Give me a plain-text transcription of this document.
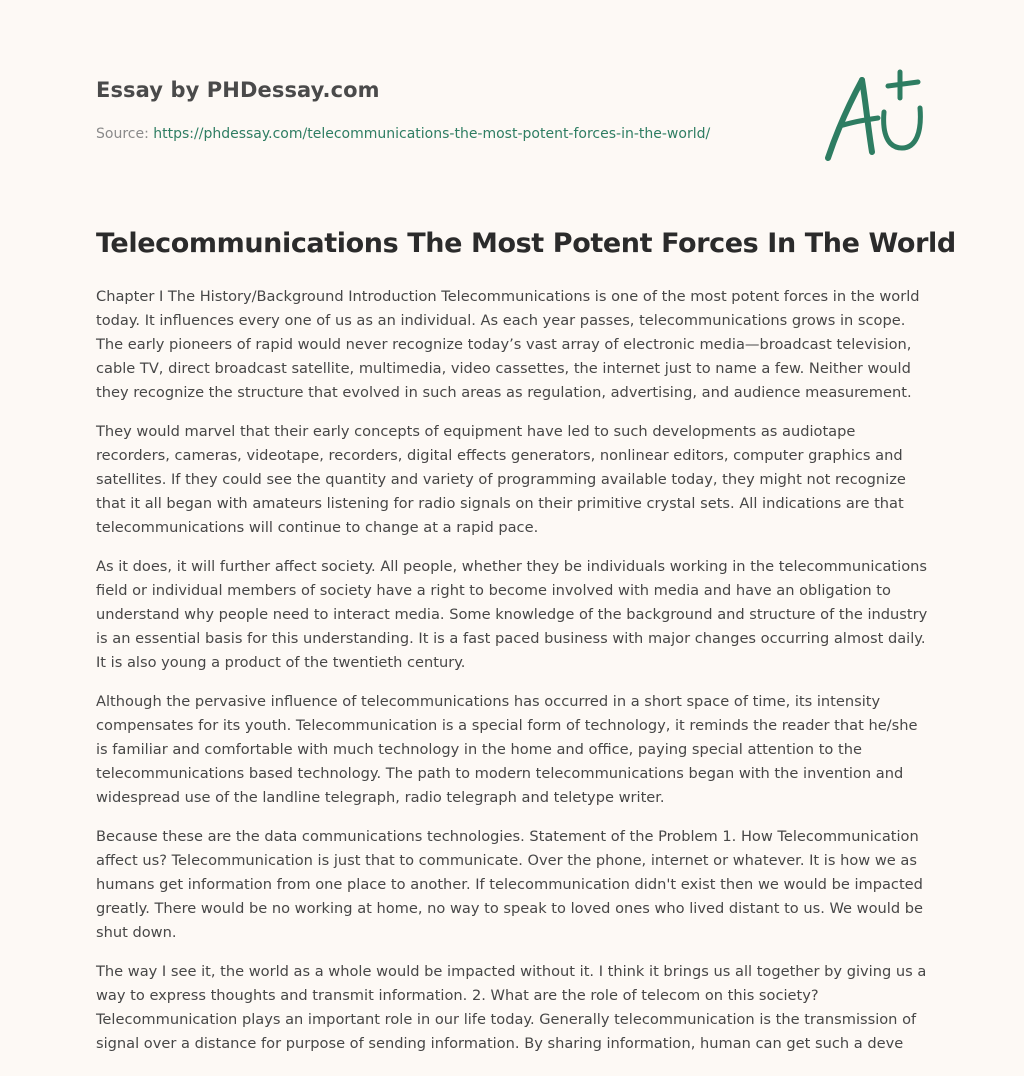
Essay by PHDessay.com
Source: https://phdessay.com/telecommunications-the-most-potent-forces-in-the-world/
Telecommunications The Most Potent Forces In The World

Chapter I The History/Background Introduction Telecommunications is one of the most potent forces in the world today. It influences every one of us as an individual. As each year passes, telecommunications grows in scope. The early pioneers of rapid would never recognize today’s vast array of electronic media—broadcast television, cable TV, direct broadcast satellite, multimedia, video cassettes, the internet just to name a few. Neither would they recognize the structure that evolved in such areas as regulation, advertising, and audience measurement.

They would marvel that their early concepts of equipment have led to such developments as audiotape recorders, cameras, videotape, recorders, digital effects generators, nonlinear editors, computer graphics and satellites. If they could see the quantity and variety of programming available today, they might not recognize that it all began with amateurs listening for radio signals on their primitive crystal sets. All indications are that telecommunications will continue to change at a rapid pace.

As it does, it will further affect society. All people, whether they be individuals working in the telecommunications field or individual members of society have a right to become involved with media and have an obligation to understand why people need to interact media. Some knowledge of the background and structure of the industry is an essential basis for this understanding. It is a fast paced business with major changes occurring almost daily. It is also young a product of the twentieth century.

Although the pervasive influence of telecommunications has occurred in a short space of time, its intensity compensates for its youth. Telecommunication is a special form of technology, it reminds the reader that he/she is familiar and comfortable with much technology in the home and office, paying special attention to the telecommunications based technology. The path to modern telecommunications began with the invention and widespread use of the landline telegraph, radio telegraph and teletype writer.

Because these are the data communications technologies. Statement of the Problem 1. How Telecommunication affect us? Telecommunication is just that to communicate. Over the phone, internet or whatever. It is how we as humans get information from one place to another. If telecommunication didn't exist then we would be impacted greatly. There would be no working at home, no way to speak to loved ones who lived distant to us. We would be shut down.

The way I see it, the world as a whole would be impacted without it. I think it brings us all together by giving us a way to express thoughts and transmit information. 2. What are the role of telecom on this society? Telecommunication plays an important role in our life today. Generally telecommunication is the transmission of signal over a distance for purpose of sending information. By sharing information, human can get such a deve
